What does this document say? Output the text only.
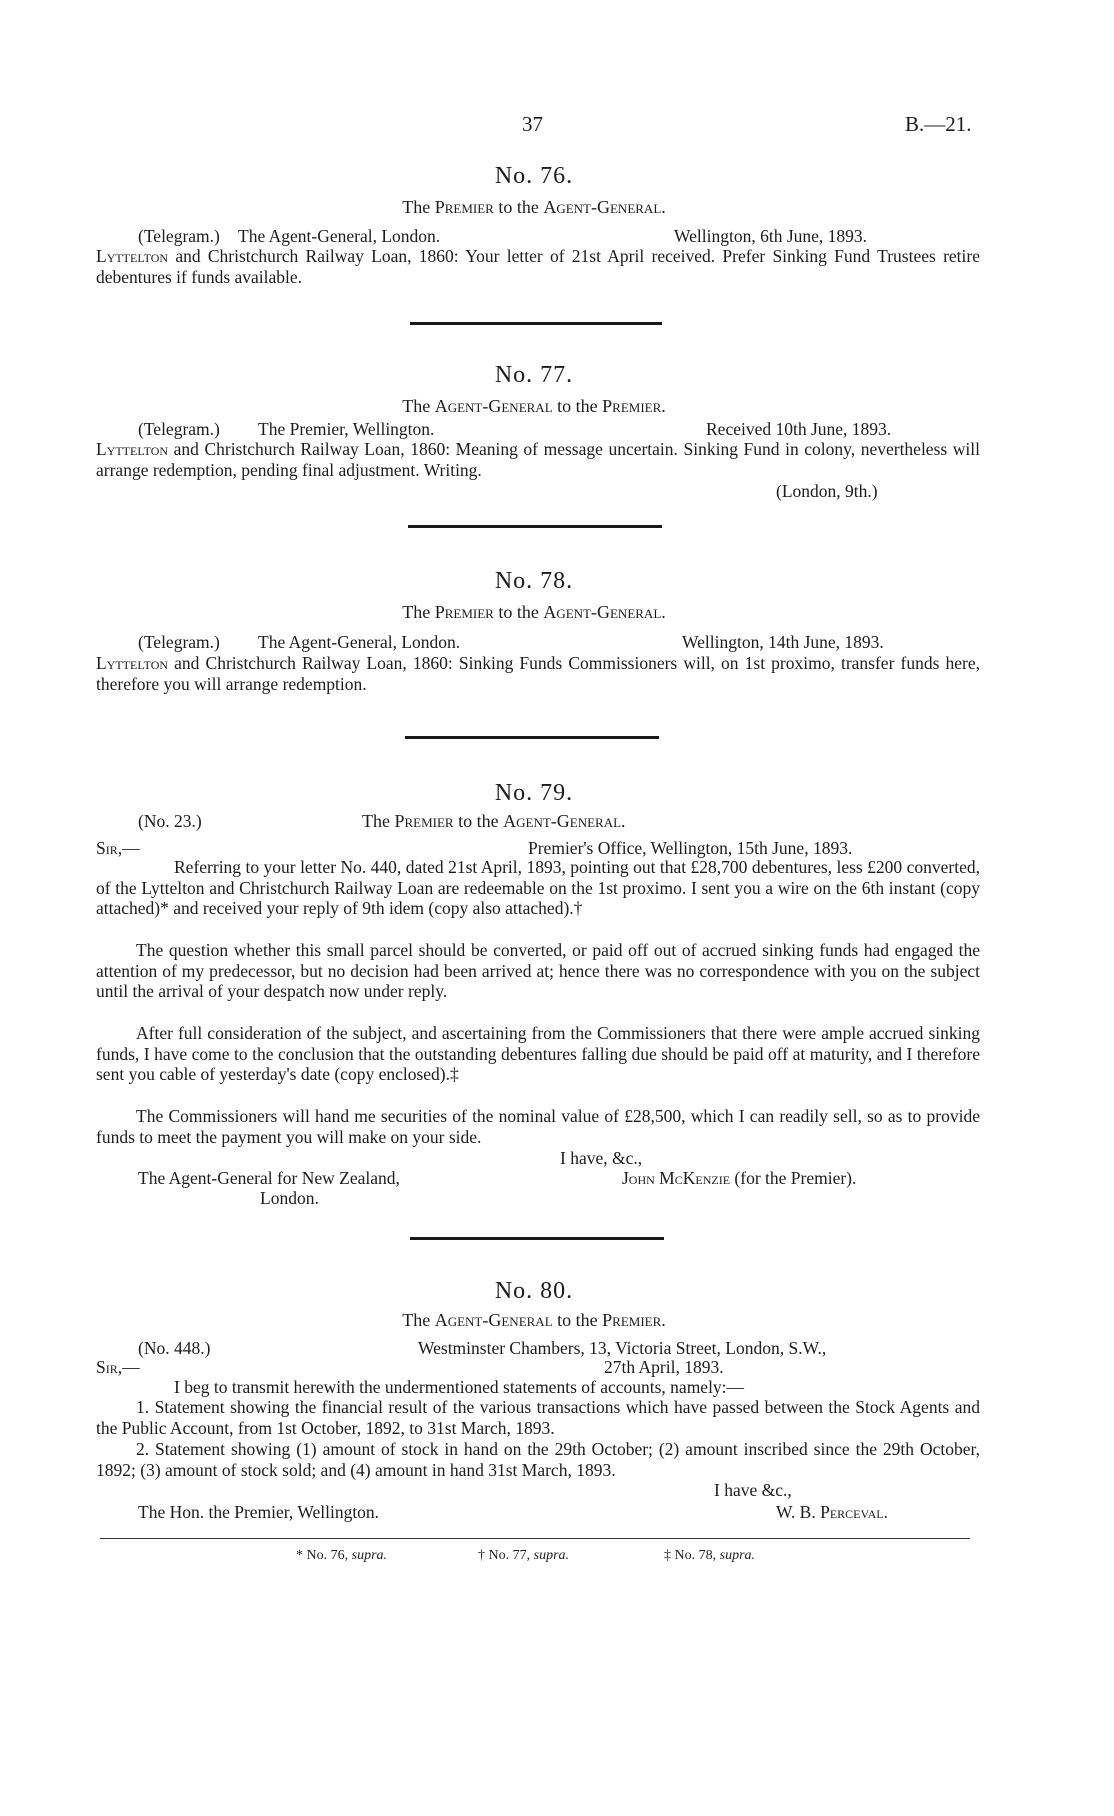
37	B.—21.
No. 76.
The Premier to the Agent-General.
(Telegram.) The Agent-General, London.	Wellington, 6th June, 1893.
Lyttelton and Christchurch Railway Loan, 1860: Your letter of 21st April received. Prefer Sinking Fund Trustees retire debentures if funds available.
No. 77.
The Agent-General to the Premier.
(Telegram.) The Premier, Wellington.	Received 10th June, 1893.
Lyttelton and Christchurch Railway Loan, 1860: Meaning of message uncertain. Sinking Fund in colony, nevertheless will arrange redemption, pending final adjustment. Writing.
(London, 9th.)
No. 78.
The Premier to the Agent-General.
(Telegram.) The Agent-General, London.	Wellington, 14th June, 1893.
Lyttelton and Christchurch Railway Loan, 1860: Sinking Funds Commissioners will, on 1st proximo, transfer funds here, therefore you will arrange redemption.
No. 79.
(No. 23.)	The Premier to the Agent-General.
Sir,—	Premier's Office, Wellington, 15th June, 1893.
Referring to your letter No. 440, dated 21st April, 1893, pointing out that £28,700 debentures, less £200 converted, of the Lyttelton and Christchurch Railway Loan are redeemable on the 1st proximo. I sent you a wire on the 6th instant (copy attached)* and received your reply of 9th idem (copy also attached).†
The question whether this small parcel should be converted, or paid off out of accrued sinking funds had engaged the attention of my predecessor, but no decision had been arrived at; hence there was no correspondence with you on the subject until the arrival of your despatch now under reply.
After full consideration of the subject, and ascertaining from the Commissioners that there were ample accrued sinking funds, I have come to the conclusion that the outstanding debentures falling due should be paid off at maturity, and I therefore sent you cable of yesterday's date (copy enclosed).‡
The Commissioners will hand me securities of the nominal value of £28,500, which I can readily sell, so as to provide funds to meet the payment you will make on your side.
I have, &c.,
The Agent-General for New Zealand,
London.
John McKenzie (for the Premier).
No. 80.
The Agent-General to the Premier.
(No. 448.)	Westminster Chambers, 13, Victoria Street, London, S.W.,
Sir,—	27th April, 1893.
I beg to transmit herewith the undermentioned statements of accounts, namely:—
1. Statement showing the financial result of the various transactions which have passed between the Stock Agents and the Public Account, from 1st October, 1892, to 31st March, 1893.
2. Statement showing (1) amount of stock in hand on the 29th October; (2) amount inscribed since the 29th October, 1892; (3) amount of stock sold; and (4) amount in hand 31st March, 1893.
I have &c.,
The Hon. the Premier, Wellington.	W. B. Perceval.
* No. 76, supra.	† No. 77, supra.	‡ No. 78, supra.
